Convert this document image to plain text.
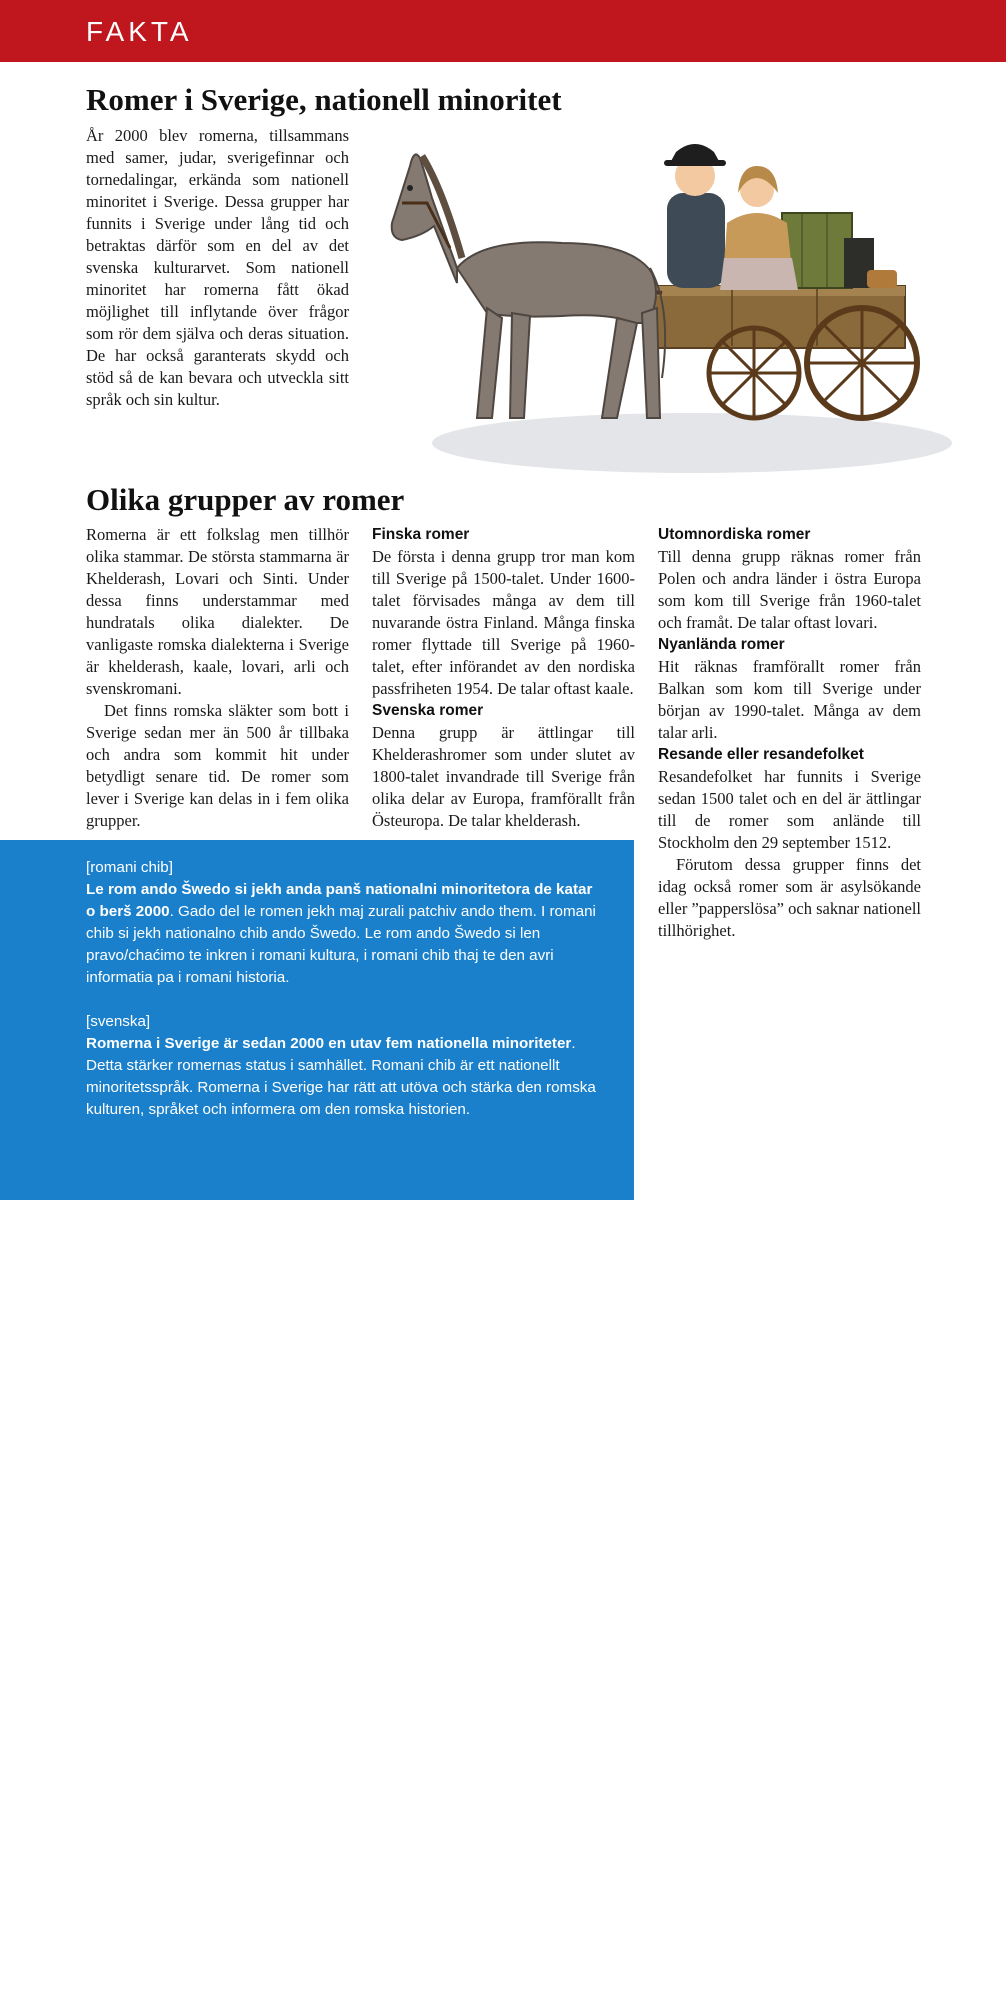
FAKTA
Romer i Sverige, nationell minoritet

År 2000 blev romerna, tillsammans med samer, judar, sverigefinnar och tornedalingar, erkända som nationell minoritet i Sverige. Dessa grupper har funnits i Sverige under lång tid och betraktas därför som en del av det svenska kulturarvet. Som nationell minoritet har romerna fått ökad möjlighet till inflytande över frågor som rör dem själva och deras situation. De har också garanterats skydd och stöd så de kan bevara och utveckla sitt språk och sin kultur.

Olika grupper av romer

Romerna är ett folkslag men tillhör olika stammar. De största stammarna är Khelderash, Lovari och Sinti. Under dessa finns understammar med hundratals olika dialekter. De vanligaste romska dialekterna i Sverige är khelderash, kaale, lovari, arli och svenskromani.

Det finns romska släkter som bott i Sverige sedan mer än 500 år tillbaka och andra som kommit hit under betydligt senare tid. De romer som lever i Sverige kan delas in i fem olika grupper.

Finska romer

De första i denna grupp tror man kom till Sverige på 1500-talet. Under 1600-talet förvisades många av dem till nuvarande östra Finland. Många finska romer flyttade till Sverige på 1960-talet, efter införandet av den nordiska passfriheten 1954. De talar oftast kaale.

Svenska romer

Denna grupp är ättlingar till Khelderashromer som under slutet av 1800-talet invandrade till Sverige från olika delar av Europa, framförallt från Östeuropa. De talar khelderash.

Utomnordiska romer

Till denna grupp räknas romer från Polen och andra länder i östra Europa som kom till Sverige från 1960-talet och framåt. De talar oftast lovari.

Nyanlända romer

Hit räknas framförallt romer från Balkan som kom till Sverige under början av 1990-talet. Många av dem talar arli.

Resande eller resandefolket

Resandefolket har funnits i Sverige sedan 1500 talet och en del är ättlingar till de romer som anlände till Stockholm den 29 september 1512.

Förutom dessa grupper finns det idag också romer som är asylsökande eller ”papperslösa” och saknar nationell tillhörighet.

[romani chib]

Le rom ando Šwedo si jekh anda panš nationalni minoritetora de katar o berš 2000. Gado del le romen jekh maj zurali patchiv ando them. I romani chib si jekh nationalno chib ando Šwedo. Le rom ando Šwedo si len pravo/chaćimo te inkren i romani kultura, i romani chib thaj te den avri informatia pa i romani historia.

[svenska]

Romerna i Sverige är sedan 2000 en utav fem nationella minoriteter. Detta stärker romernas status i samhället. Romani chib är ett nationellt minoritetsspråk. Romerna i Sverige har rätt att utöva och stärka den romska kulturen, språket och informera om den romska historien.

8
